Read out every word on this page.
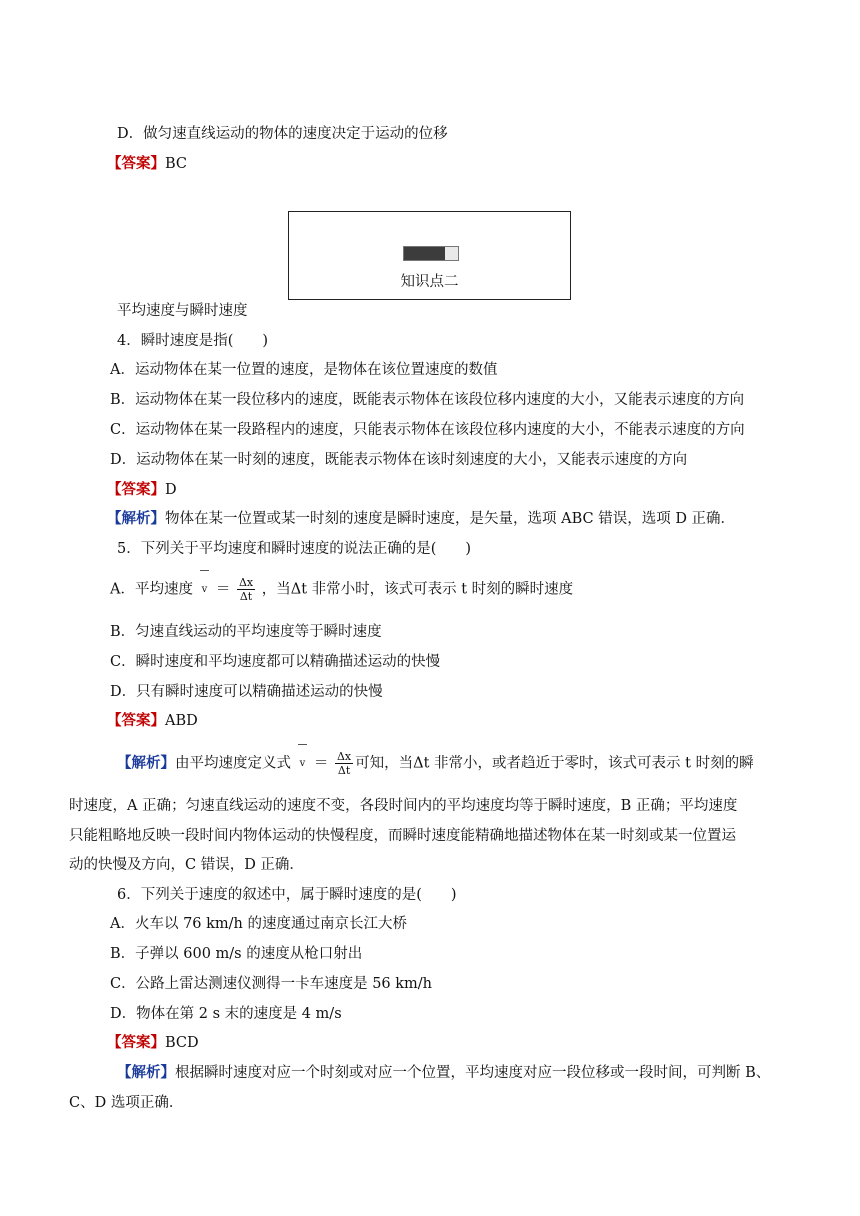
D．做匀速直线运动的物体的速度决定于运动的位移
【答案】BC
知识点二
平均速度与瞬时速度
4．瞬时速度是指(　　)
A．运动物体在某一位置的速度，是物体在该位置速度的数值
B．运动物体在某一段位移内的速度，既能表示物体在该段位移内速度的大小，又能表示速度的方向
C．运动物体在某一段路程内的速度，只能表示物体在该段位移内速度的大小，不能表示速度的方向
D．运动物体在某一时刻的速度，既能表示物体在该时刻速度的大小，又能表示速度的方向
【答案】D
【解析】物体在某一位置或某一时刻的速度是瞬时速度，是矢量，选项 ABC 错误，选项 D 正确．
5．下列关于平均速度和瞬时速度的说法正确的是(　　)
A．平均速度 $v = \frac{\Delta x}{\Delta t}$ ，当Δt 非常小时，该式可表示 t 时刻的瞬时速度
B．匀速直线运动的平均速度等于瞬时速度
C．瞬时速度和平均速度都可以精确描述运动的快慢
D．只有瞬时速度可以精确描述运动的快慢
【答案】ABD
【解析】由平均速度定义式 $v = \frac{\Delta x}{\Delta t}$ 可知，当Δt 非常小，或者趋近于零时，该式可表示 t 时刻的瞬
时速度，A 正确；匀速直线运动的速度不变，各段时间内的平均速度均等于瞬时速度，B 正确；平均速度
只能粗略地反映一段时间内物体运动的快慢程度，而瞬时速度能精确地描述物体在某一时刻或某一位置运
动的快慢及方向，C 错误，D 正确．
6．下列关于速度的叙述中，属于瞬时速度的是(　　)
A．火车以 76 km/h 的速度通过南京长江大桥
B．子弹以 600 m/s 的速度从枪口射出
C．公路上雷达测速仪测得一卡车速度是 56 km/h
D．物体在第 2 s 末的速度是 4 m/s
【答案】BCD
【解析】根据瞬时速度对应一个时刻或对应一个位置，平均速度对应一段位移或一段时间，可判断 B、
C、D 选项正确．
